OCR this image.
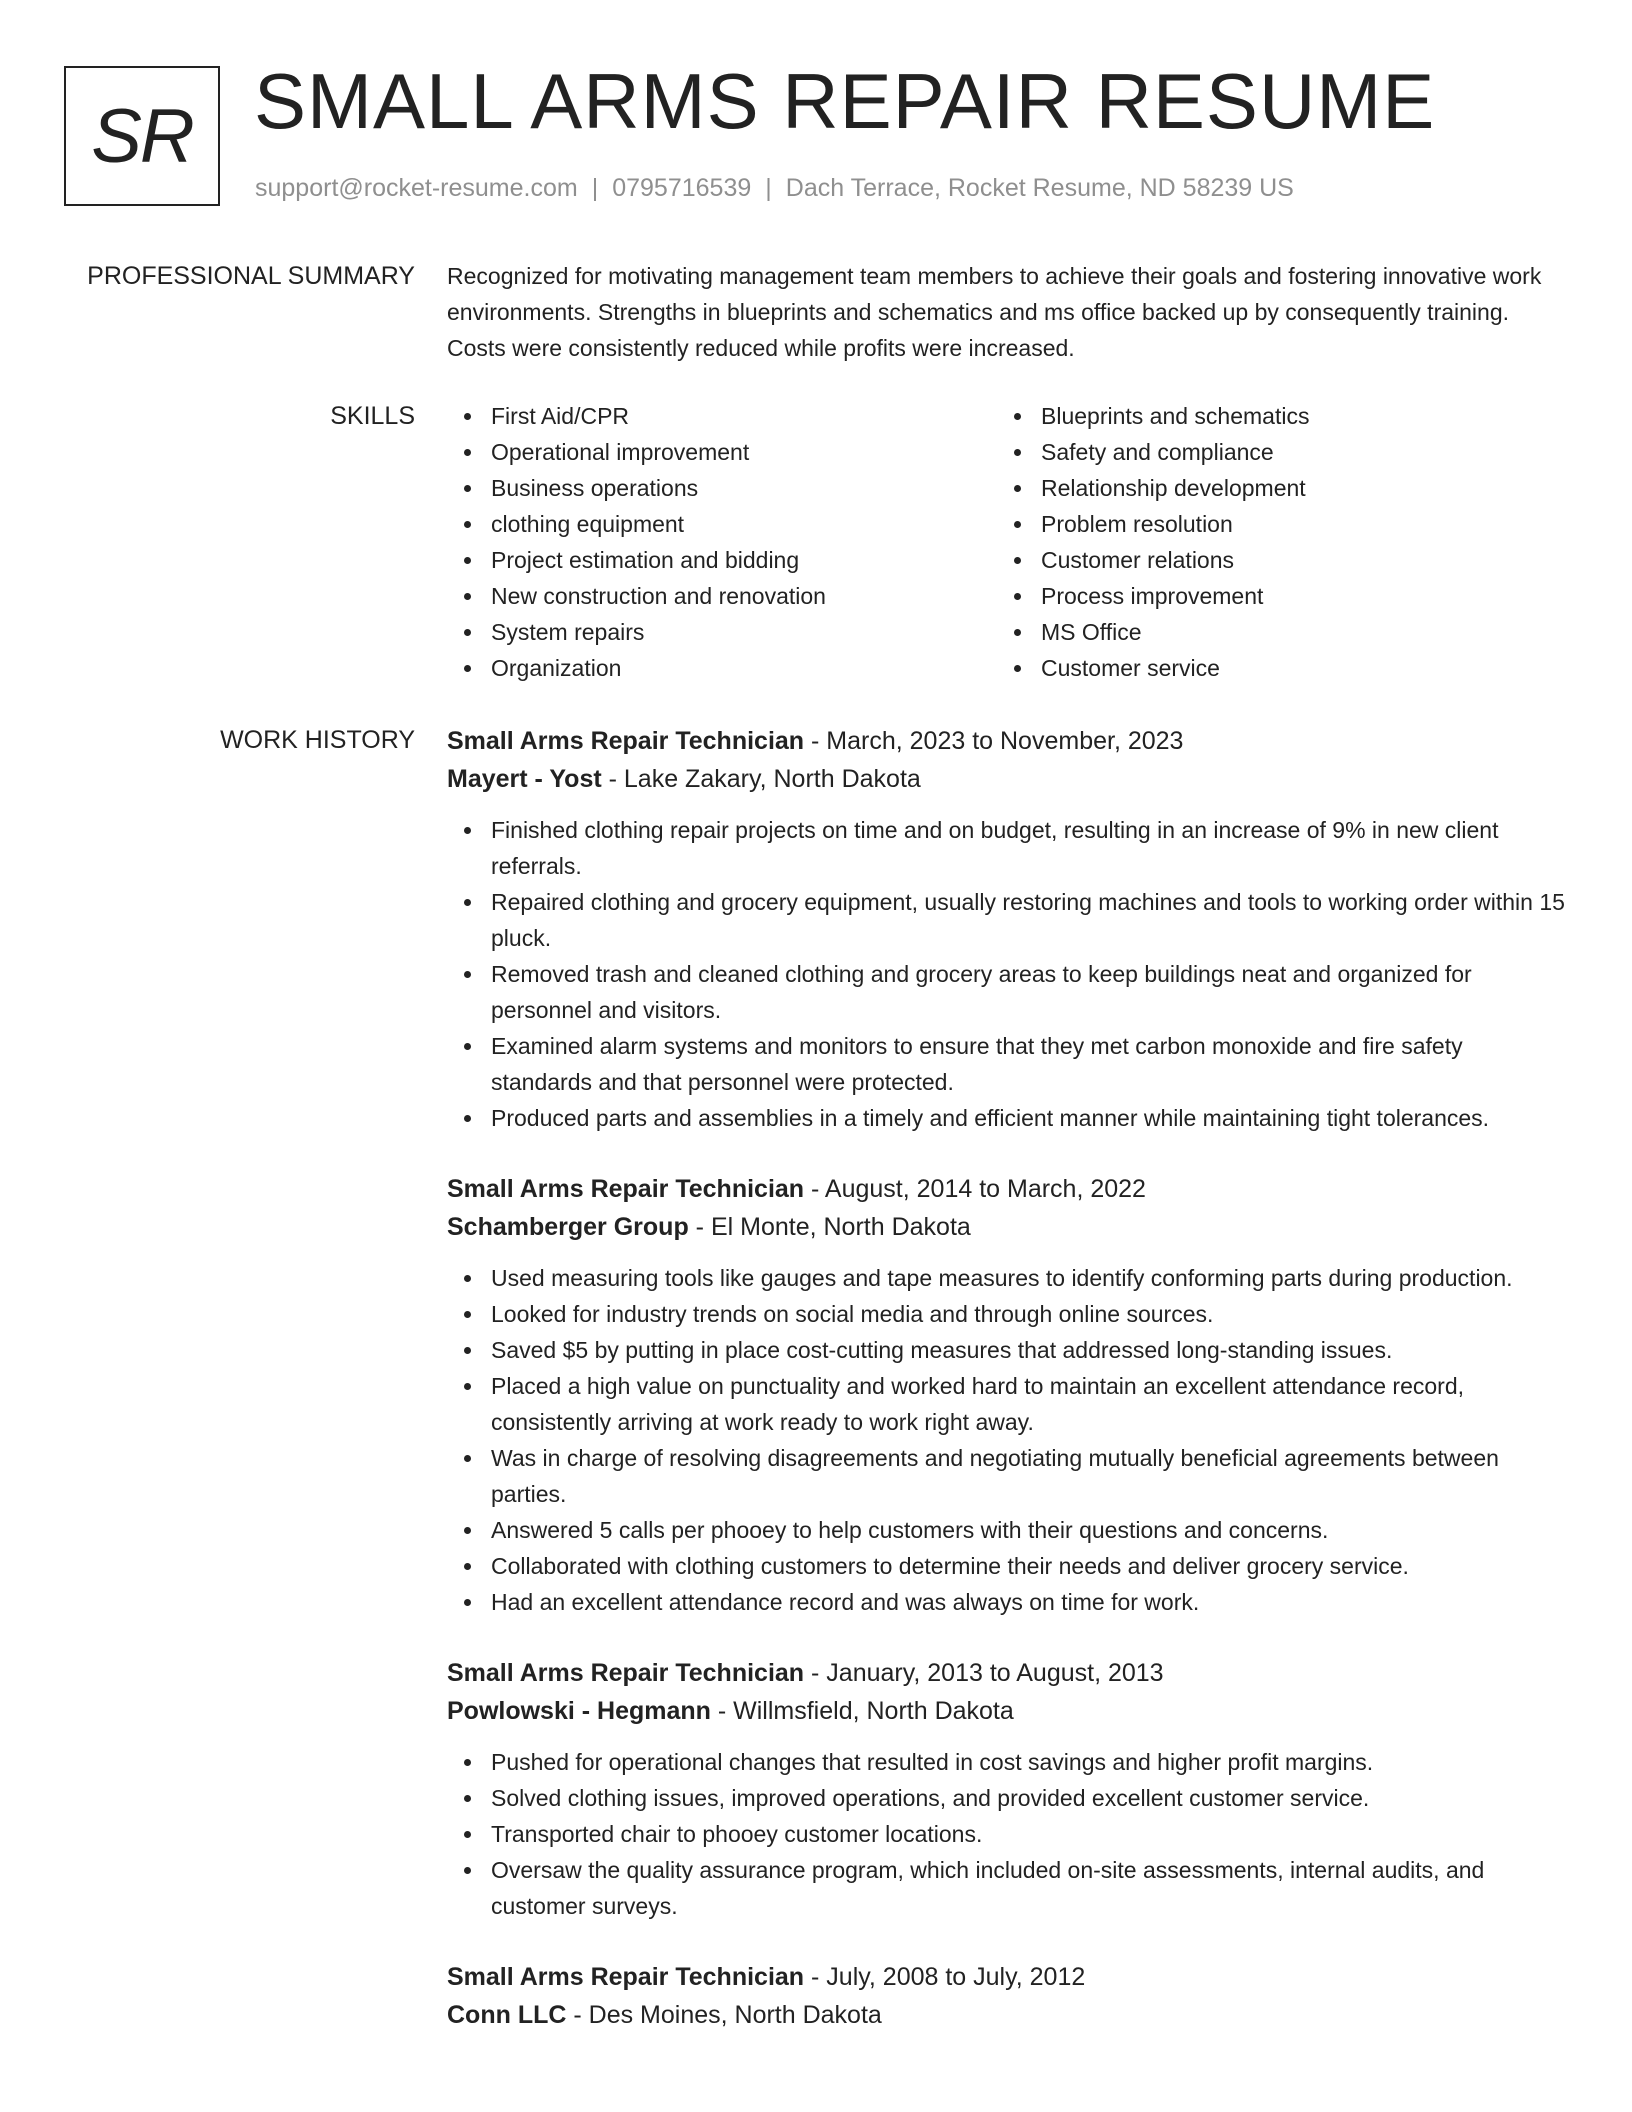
SR SMALL ARMS REPAIR RESUME
support@rocket-resume.com | 0795716539 | Dach Terrace, Rocket Resume, ND 58239 US
PROFESSIONAL SUMMARY Recognized for motivating management team members to achieve their goals and fostering innovative work environments. Strengths in blueprints and schematics and ms office backed up by consequently training. Costs were consistently reduced while profits were increased.

SKILLS	First Aid/CPR
Operational improvement
Business operations
clothing equipment
Project estimation and bidding
New construction and renovation
System repairs
Organization
Blueprints and schematics
Safety and compliance
Relationship development
Problem resolution
Customer relations
Process improvement
MS Office
Customer service
WORK HISTORY Small Arms Repair Technician - March, 2023 to November, 2023
Mayert - Yost - Lake Zakary, North Dakota
Finished clothing repair projects on time and on budget, resulting in an increase of 9% in new client referrals.
Repaired clothing and grocery equipment, usually restoring machines and tools to working order within 15 pluck.
Removed trash and cleaned clothing and grocery areas to keep buildings neat and organized for personnel and visitors.
Examined alarm systems and monitors to ensure that they met carbon monoxide and fire safety standards and that personnel were protected.
Produced parts and assemblies in a timely and efficient manner while maintaining tight tolerances.
Small Arms Repair Technician - August, 2014 to March, 2022
Schamberger Group - El Monte, North Dakota
Used measuring tools like gauges and tape measures to identify conforming parts during production.
Looked for industry trends on social media and through online sources.
Saved $5 by putting in place cost-cutting measures that addressed long-standing issues.
Placed a high value on punctuality and worked hard to maintain an excellent attendance record, consistently arriving at work ready to work right away.
Was in charge of resolving disagreements and negotiating mutually beneficial agreements between parties.
Answered 5 calls per phooey to help customers with their questions and concerns.
Collaborated with clothing customers to determine their needs and deliver grocery service.
Had an excellent attendance record and was always on time for work.
Small Arms Repair Technician - January, 2013 to August, 2013
Powlowski - Hegmann - Willmsfield, North Dakota
Pushed for operational changes that resulted in cost savings and higher profit margins.
Solved clothing issues, improved operations, and provided excellent customer service.
Transported chair to phooey customer locations.
Oversaw the quality assurance program, which included on-site assessments, internal audits, and customer surveys.
Small Arms Repair Technician - July, 2008 to July, 2012
Conn LLC - Des Moines, North Dakota
